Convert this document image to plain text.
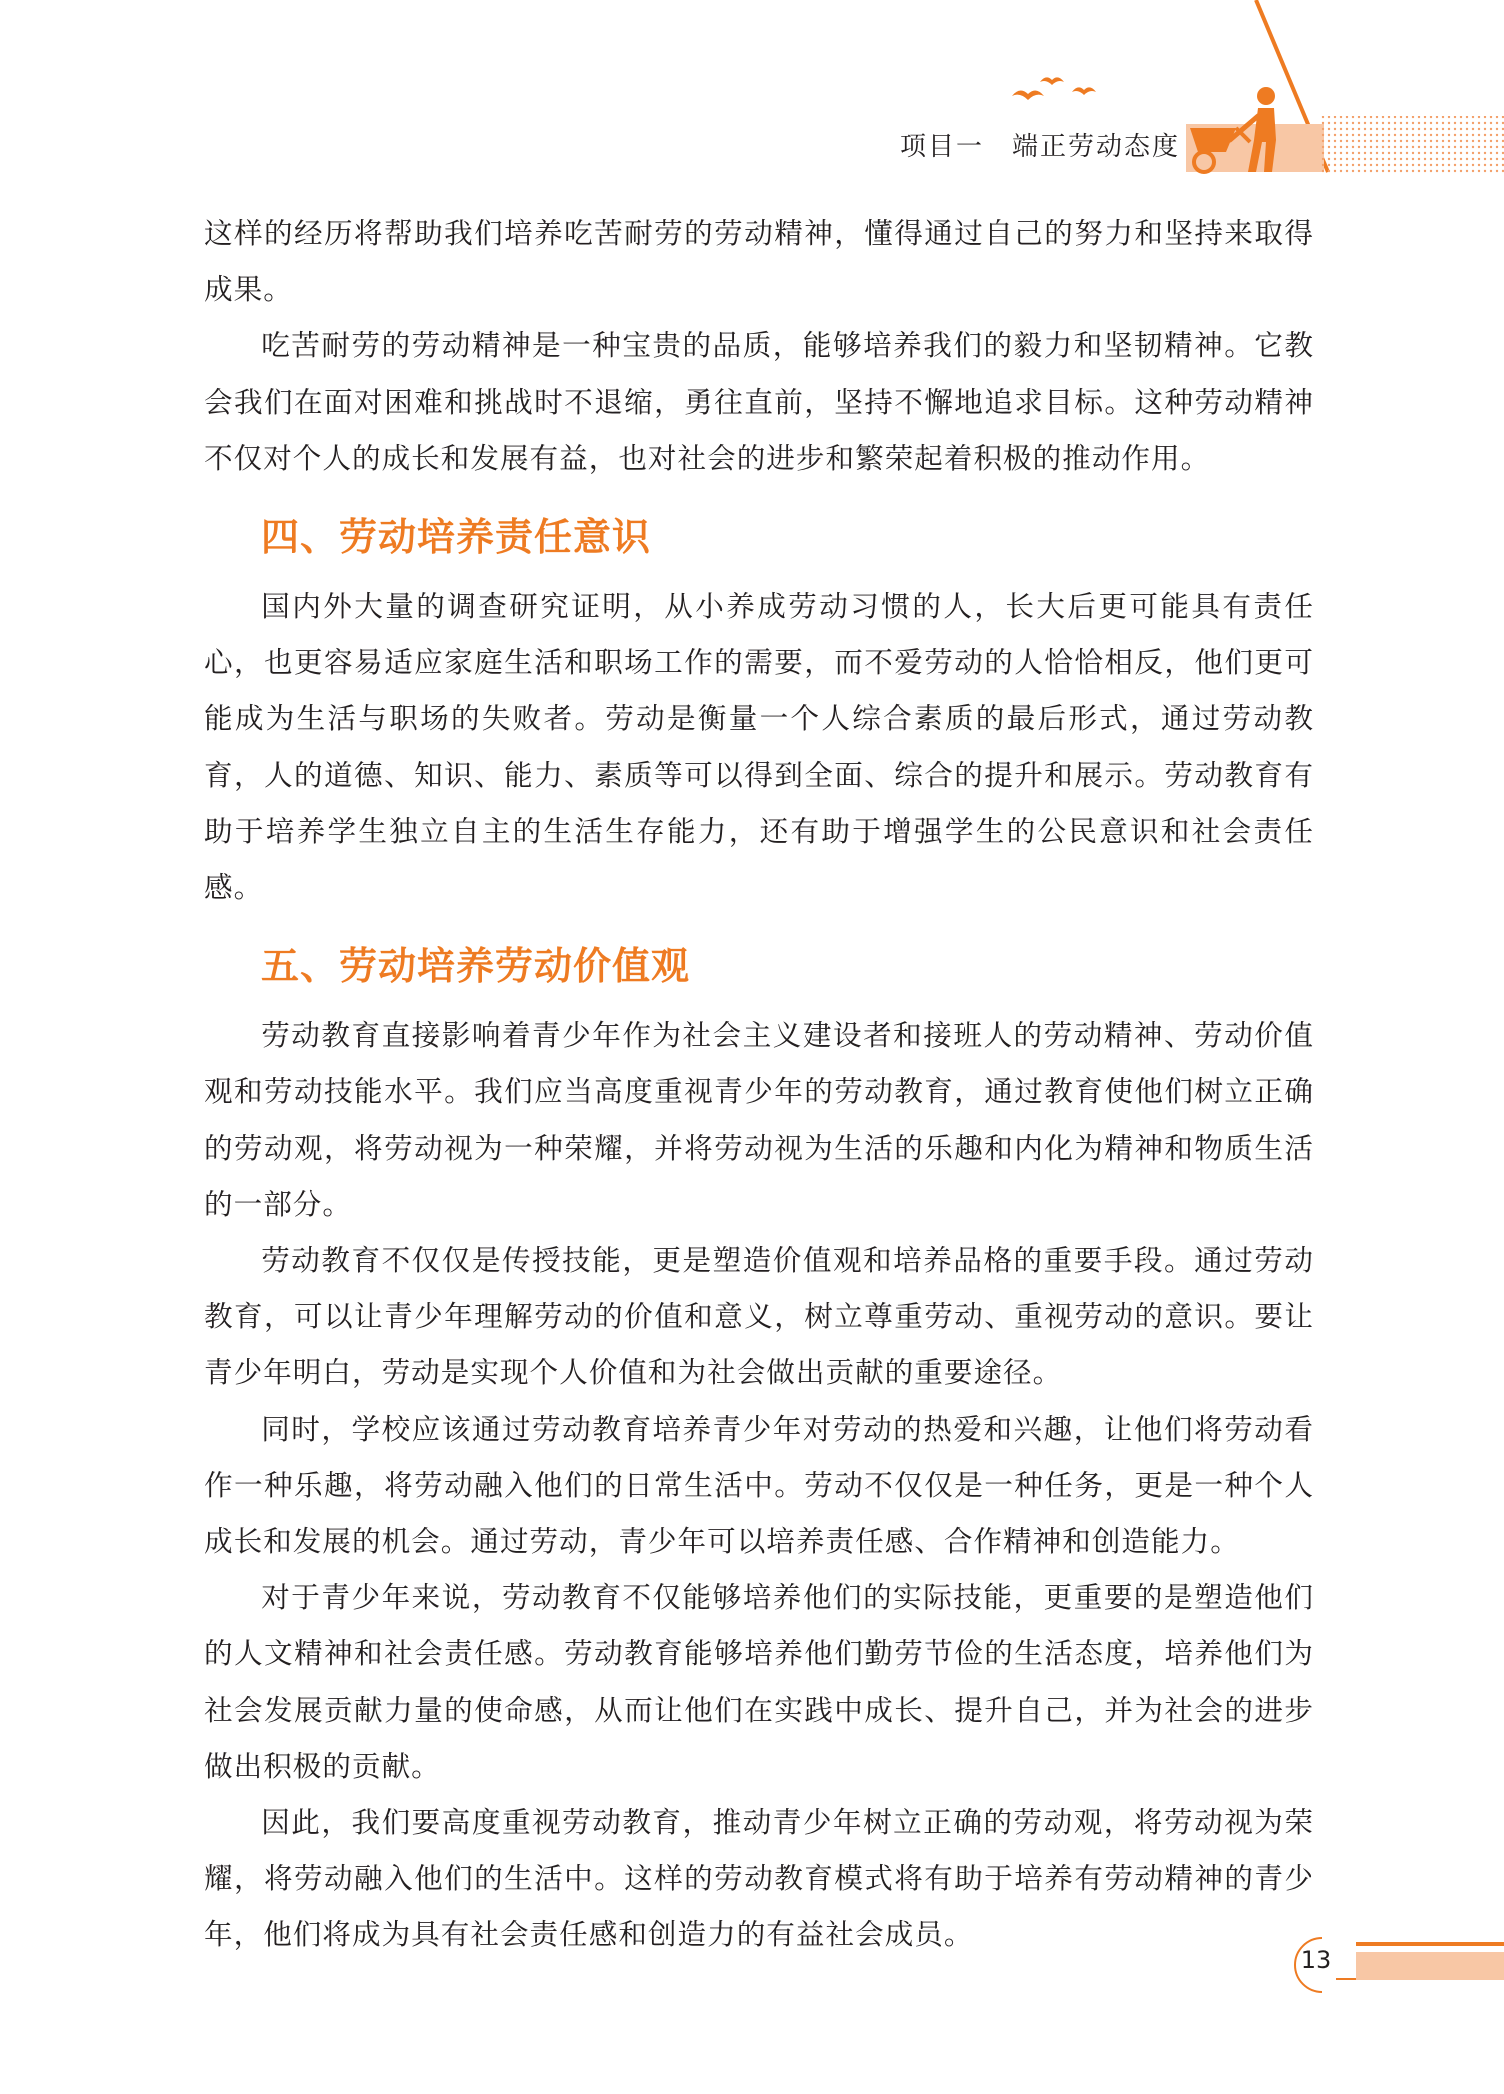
项目一 端正劳动态度

这样的经历将帮助我们培养吃苦耐劳的劳动精神，懂得通过自己的努力和坚持来取得成果。

吃苦耐劳的劳动精神是一种宝贵的品质，能够培养我们的毅力和坚韧精神。它教会我们在面对困难和挑战时不退缩，勇往直前，坚持不懈地追求目标。这种劳动精神不仅对个人的成长和发展有益，也对社会的进步和繁荣起着积极的推动作用。

四、劳动培养责任意识

国内外大量的调查研究证明，从小养成劳动习惯的人，长大后更可能具有责任心，也更容易适应家庭生活和职场工作的需要，而不爱劳动的人恰恰相反，他们更可能成为生活与职场的失败者。劳动是衡量一个人综合素质的最后形式，通过劳动教育，人的道德、知识、能力、素质等可以得到全面、综合的提升和展示。劳动教育有助于培养学生独立自主的生活生存能力，还有助于增强学生的公民意识和社会责任感。

五、劳动培养劳动价值观

劳动教育直接影响着青少年作为社会主义建设者和接班人的劳动精神、劳动价值观和劳动技能水平。我们应当高度重视青少年的劳动教育，通过教育使他们树立正确的劳动观，将劳动视为一种荣耀，并将劳动视为生活的乐趣和内化为精神和物质生活的一部分。

劳动教育不仅仅是传授技能，更是塑造价值观和培养品格的重要手段。通过劳动教育，可以让青少年理解劳动的价值和意义，树立尊重劳动、重视劳动的意识。要让青少年明白，劳动是实现个人价值和为社会做出贡献的重要途径。

同时，学校应该通过劳动教育培养青少年对劳动的热爱和兴趣，让他们将劳动看作一种乐趣，将劳动融入他们的日常生活中。劳动不仅仅是一种任务，更是一种个人成长和发展的机会。通过劳动，青少年可以培养责任感、合作精神和创造能力。

对于青少年来说，劳动教育不仅能够培养他们的实际技能，更重要的是塑造他们的人文精神和社会责任感。劳动教育能够培养他们勤劳节俭的生活态度，培养他们为社会发展贡献力量的使命感，从而让他们在实践中成长、提升自己，并为社会的进步做出积极的贡献。

因此，我们要高度重视劳动教育，推动青少年树立正确的劳动观，将劳动视为荣耀，将劳动融入他们的生活中。这样的劳动教育模式将有助于培养有劳动精神的青少年，他们将成为具有社会责任感和创造力的有益社会成员。

13
